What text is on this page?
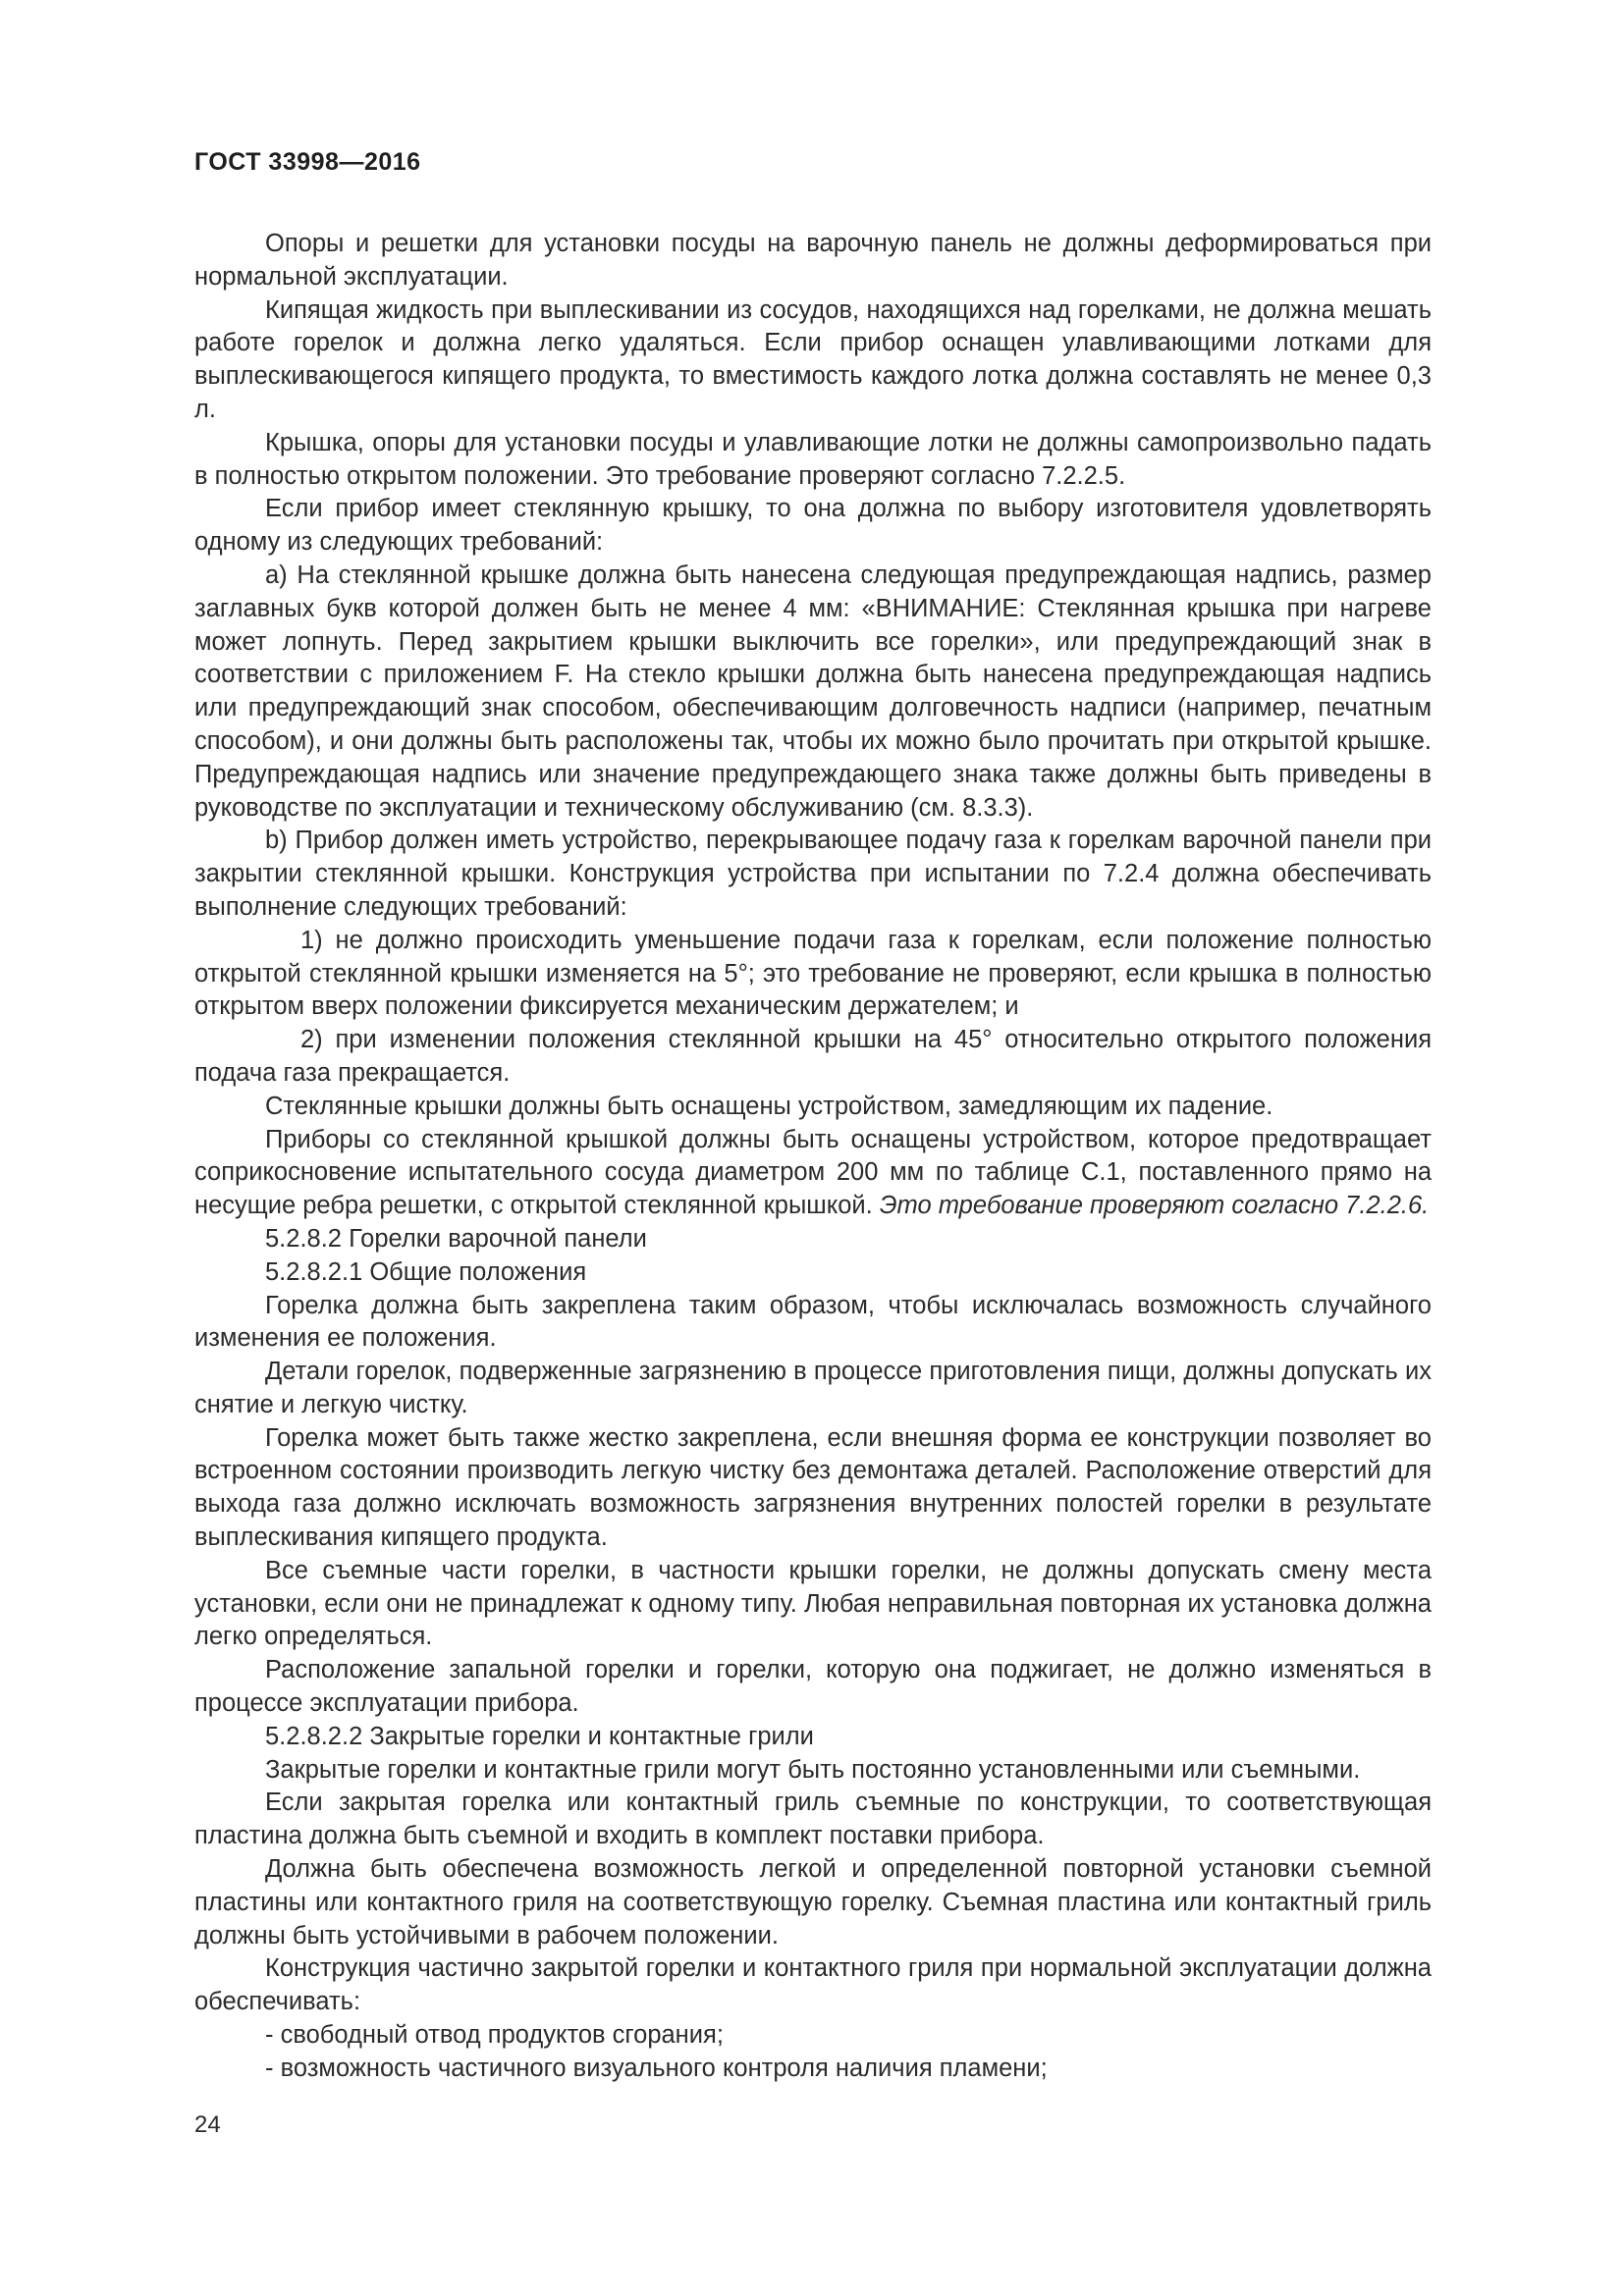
ГОСТ 33998—2016

Опоры и решетки для установки посуды на варочную панель не должны деформироваться при нормальной эксплуатации.

Кипящая жидкость при выплескивании из сосудов, находящихся над горелками, не должна мешать работе горелок и должна легко удаляться. Если прибор оснащен улавливающими лотками для выплескивающегося кипящего продукта, то вместимость каждого лотка должна составлять не менее 0,3 л.

Крышка, опоры для установки посуды и улавливающие лотки не должны самопроизвольно падать в полностью открытом положении. Это требование проверяют согласно 7.2.2.5.

Если прибор имеет стеклянную крышку, то она должна по выбору изготовителя удовлетворять одному из следующих требований:

а) На стеклянной крышке должна быть нанесена следующая предупреждающая надпись, размер заглавных букв которой должен быть не менее 4 мм: «ВНИМАНИЕ: Стеклянная крышка при нагреве может лопнуть. Перед закрытием крышки выключить все горелки», или предупреждающий знак в соответствии с приложением F. На стекло крышки должна быть нанесена предупреждающая надпись или предупреждающий знак способом, обеспечивающим долговечность надписи (например, печатным способом), и они должны быть расположены так, чтобы их можно было прочитать при открытой крышке. Предупреждающая надпись или значение предупреждающего знака также должны быть приведены в руководстве по эксплуатации и техническому обслуживанию (см. 8.3.3).

b) Прибор должен иметь устройство, перекрывающее подачу газа к горелкам варочной панели при закрытии стеклянной крышки. Конструкция устройства при испытании по 7.2.4 должна обеспечивать выполнение следующих требований:

1) не должно происходить уменьшение подачи газа к горелкам, если положение полностью открытой стеклянной крышки изменяется на 5°; это требование не проверяют, если крышка в полностью открытом вверх положении фиксируется механическим держателем; и

2) при изменении положения стеклянной крышки на 45° относительно открытого положения подача газа прекращается.

Стеклянные крышки должны быть оснащены устройством, замедляющим их падение.

Приборы со стеклянной крышкой должны быть оснащены устройством, которое предотвращает соприкосновение испытательного сосуда диаметром 200 мм по таблице С.1, поставленного прямо на несущие ребра решетки, с открытой стеклянной крышкой. Это требование проверяют согласно 7.2.2.6.

5.2.8.2 Горелки варочной панели

5.2.8.2.1 Общие положения

Горелка должна быть закреплена таким образом, чтобы исключалась возможность случайного изменения ее положения.

Детали горелок, подверженные загрязнению в процессе приготовления пищи, должны допускать их снятие и легкую чистку.

Горелка может быть также жестко закреплена, если внешняя форма ее конструкции позволяет во встроенном состоянии производить легкую чистку без демонтажа деталей. Расположение отверстий для выхода газа должно исключать возможность загрязнения внутренних полостей горелки в результате выплескивания кипящего продукта.

Все съемные части горелки, в частности крышки горелки, не должны допускать смену места установки, если они не принадлежат к одному типу. Любая неправильная повторная их установка должна легко определяться.

Расположение запальной горелки и горелки, которую она поджигает, не должно изменяться в процессе эксплуатации прибора.

5.2.8.2.2 Закрытые горелки и контактные грили

Закрытые горелки и контактные грили могут быть постоянно установленными или съемными.

Если закрытая горелка или контактный гриль съемные по конструкции, то соответствующая пластина должна быть съемной и входить в комплект поставки прибора.

Должна быть обеспечена возможность легкой и определенной повторной установки съемной пластины или контактного гриля на соответствующую горелку. Съемная пластина или контактный гриль должны быть устойчивыми в рабочем положении.

Конструкция частично закрытой горелки и контактного гриля при нормальной эксплуатации должна обеспечивать:

- свободный отвод продуктов сгорания;

- возможность частичного визуального контроля наличия пламени;

24
